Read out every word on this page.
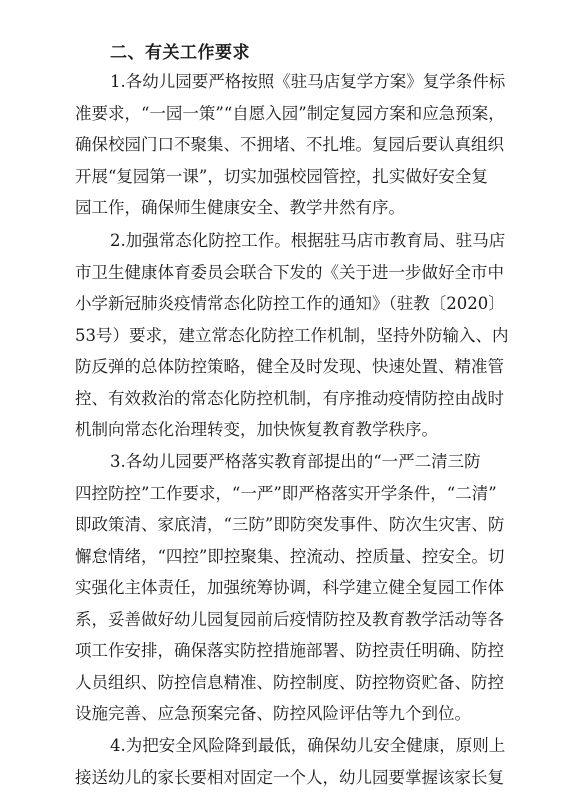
二、有关工作要求
1.各幼儿园要严格按照《驻马店复学方案》复学条件标
准要求，“一园一策”“自愿入园”制定复园方案和应急预案，
确保校园门口不聚集、不拥堵、不扎堆。复园后要认真组织
开展“复园第一课”，切实加强校园管控，扎实做好安全复
园工作，确保师生健康安全、教学井然有序。
2.加强常态化防控工作。根据驻马店市教育局、驻马店
市卫生健康体育委员会联合下发的《关于进一步做好全市中
小学新冠肺炎疫情常态化防控工作的通知》（驻教〔2020〕
53号）要求，建立常态化防控工作机制，坚持外防输入、内
防反弹的总体防控策略，健全及时发现、快速处置、精准管
控、有效救治的常态化防控机制，有序推动疫情防控由战时
机制向常态化治理转变，加快恢复教育教学秩序。
3.各幼儿园要严格落实教育部提出的“一严二清三防
四控防控”工作要求，“一严”即严格落实开学条件，“二清”
即政策清、家底清，“三防”即防突发事件、防次生灾害、防
懈怠情绪，“四控”即控聚集、控流动、控质量、控安全。切
实强化主体责任，加强统筹协调，科学建立健全复园工作体
系，妥善做好幼儿园复园前后疫情防控及教育教学活动等各
项工作安排，确保落实防控措施部署、防控责任明确、防控
人员组织、防控信息精准、防控制度、防控物资贮备、防控
设施完善、应急预案完备、防控风险评估等九个到位。
4.为把安全风险降到最低，确保幼儿安全健康，原则上
接送幼儿的家长要相对固定一个人，幼儿园要掌握该家长复
